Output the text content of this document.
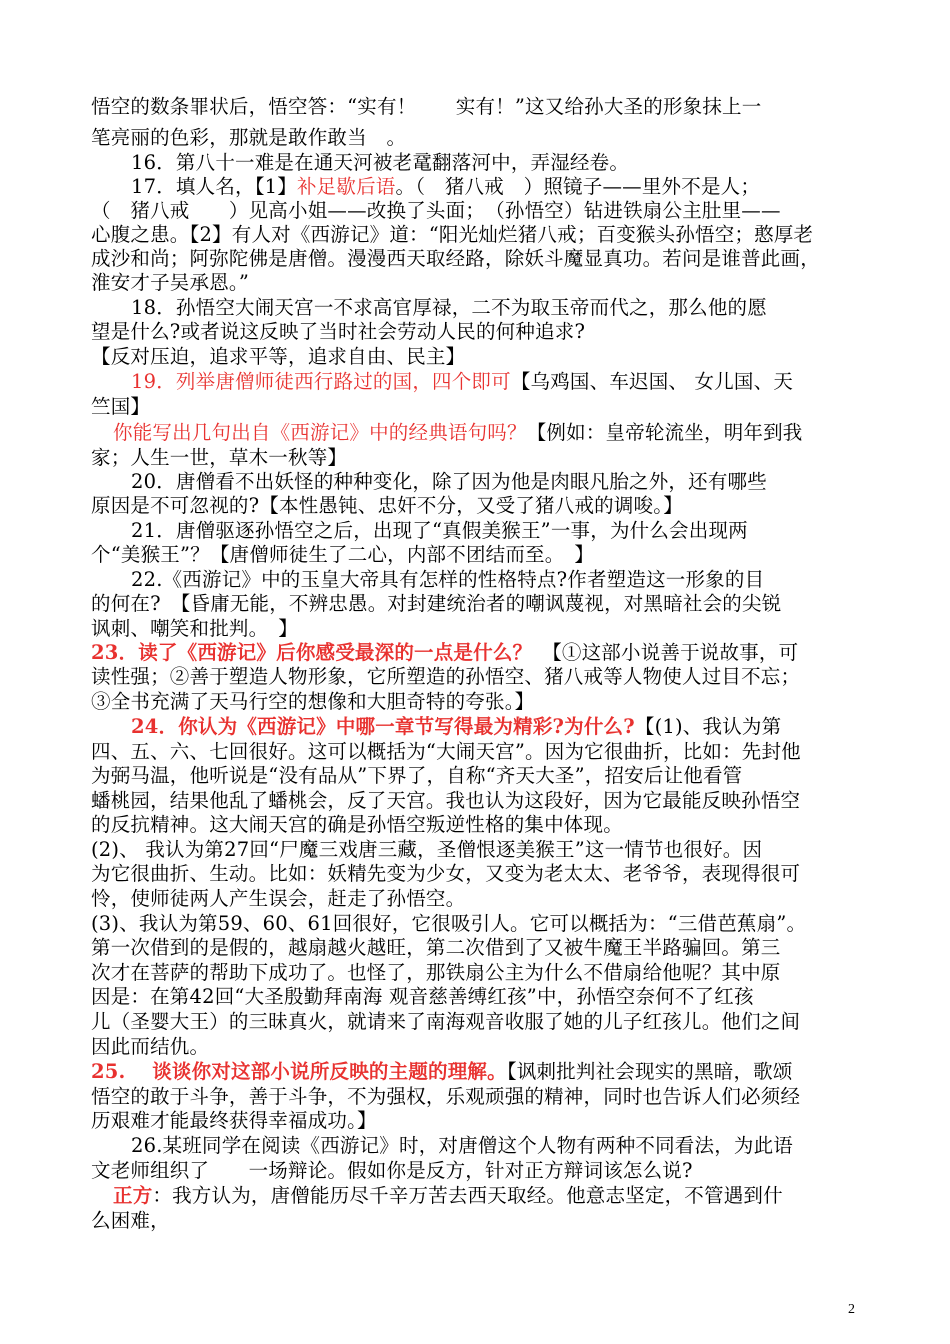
悟空的数条罪状后，悟空答：“实有！　　实有！”这又给孙大圣的形象抹上一
笔亮丽的色彩，那就是敢作敢当　。
16．第八十一难是在通天河被老鼋翻落河中，弄湿经卷。
17．填人名，【1】补足歇后语。（　猪八戒　）照镜子——里外不是人；
（　猪八戒　　）见高小姐——改换了头面；　（孙悟空）钻进铁扇公主肚里——
心腹之患。【2】有人对《西游记》道：“阳光灿烂猪八戒；百变猴头孙悟空；憨厚老
成沙和尚；阿弥陀佛是唐僧。漫漫西天取经路，除妖斗魔显真功。若问是谁普此画，
淮安才子吴承恩。”
18．孙悟空大闹天宫一不求高官厚禄，二不为取玉帝而代之，那么他的愿
望是什么?或者说这反映了当时社会劳动人民的何种追求?
【反对压迫，追求平等，追求自由、民主】
19．列举唐僧师徒西行路过的国，四个即可【乌鸡国、车迟国、 女儿国、天
竺国】
你能写出几句出自《西游记》中的经典语句吗？【例如：皇帝轮流坐，明年到我
家；人生一世，草木一秋等】
20．唐僧看不出妖怪的种种变化，除了因为他是肉眼凡胎之外，还有哪些
原因是不可忽视的?【本性愚钝、忠奸不分，又受了猪八戒的调唆。】
21．唐僧驱逐孙悟空之后，出现了“真假美猴王”一事，为什么会出现两
个“美猴王”？【唐僧师徒生了二心，内部不团结而至。　】
22.《西游记》中的玉皇大帝具有怎样的性格特点?作者塑造这一形象的目
的何在?　【昏庸无能，不辨忠愚。对封建统治者的嘲讽蔑视，对黑暗社会的尖锐
讽刺、嘲笑和批判。　】
23．读了《西游记》后你感受最深的一点是什么？　【①这部小说善于说故事，可
读性强；②善于塑造人物形象，它所塑造的孙悟空、猪八戒等人物使人过目不忘；
③全书充满了天马行空的想像和大胆奇特的夸张。】
24．你认为《西游记》中哪一章节写得最为精彩?为什么?【(1)、我认为第
四、五、六、七回很好。这可以概括为“大闹天宫”。因为它很曲折，比如：先封他
为弼马温，他听说是“没有品从”下界了，自称“齐天大圣”，招安后让他看管
蟠桃园，结果他乱了蟠桃会，反了天宫。我也认为这段好，因为它最能反映孙悟空
的反抗精神。这大闹天宫的确是孙悟空叛逆性格的集中体现。
(2)、 我认为第27回“尸魔三戏唐三藏，圣僧恨逐美猴王”这一情节也很好。因
为它很曲折、生动。比如：妖精先变为少女，又变为老太太、老爷爷，表现得很可
怜，使师徒两人产生误会，赶走了孙悟空。
(3)、我认为第59、60、61回很好，它很吸引人。它可以概括为：“三借芭蕉扇”。
第一次借到的是假的，越扇越火越旺，第二次借到了又被牛魔王半路骗回。第三
次才在菩萨的帮助下成功了。也怪了，那铁扇公主为什么不借扇给他呢？其中原
因是：在第42回“大圣殷勤拜南海 观音慈善缚红孩”中，孙悟空奈何不了红孩
儿（圣婴大王）的三昧真火，就请来了南海观音收服了她的儿子红孩儿。他们之间
因此而结仇。
25.　 谈谈你对这部小说所反映的主题的理解。【讽刺批判社会现实的黑暗，歌颂
悟空的敢于斗争，善于斗争，不为强权，乐观顽强的精神，同时也告诉人们必须经
历艰难才能最终获得幸福成功。】
26.某班同学在阅读《西游记》时，对唐僧这个人物有两种不同看法，为此语
文老师组织了　　一场辩论。假如你是反方，针对正方辩词该怎么说?
正方：我方认为，唐僧能历尽千辛万苦去西天取经。他意志坚定，不管遇到什
么困难，
2
